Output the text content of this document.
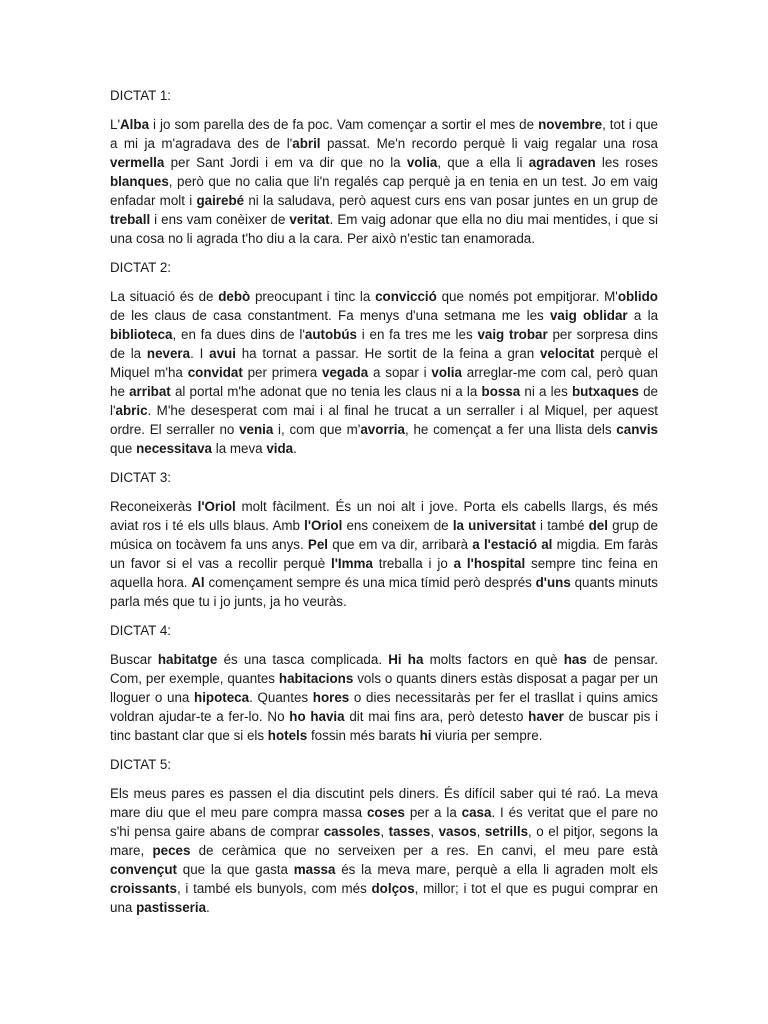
DICTAT 1:
L'Alba i jo som parella des de fa poc. Vam començar a sortir el mes de novembre, tot i que a mi ja m'agradava des de l'abril passat. Me'n recordo perquè li vaig regalar una rosa vermella per Sant Jordi i em va dir que no la volia, que a ella li agradaven les roses blanques, però que no calia que li'n regalés cap perquè ja en tenia en un test. Jo em vaig enfadar molt i gairebé ni la saludava, però aquest curs ens van posar juntes en un grup de treball i ens vam conèixer de veritat. Em vaig adonar que ella no diu mai mentides, i que si una cosa no li agrada t'ho diu a la cara. Per això n'estic tan enamorada.
DICTAT 2:
La situació és de debò preocupant i tinc la convicció que només pot empitjorar. M'oblido de les claus de casa constantment. Fa menys d'una setmana me les vaig oblidar a la biblioteca, en fa dues dins de l'autobús i en fa tres me les vaig trobar per sorpresa dins de la nevera. I avui ha tornat a passar. He sortit de la feina a gran velocitat perquè el Miquel m'ha convidat per primera vegada a sopar i volia arreglar-me com cal, però quan he arribat al portal m'he adonat que no tenia les claus ni a la bossa ni a les butxaques de l'abric. M'he desesperat com mai i al final he trucat a un serraller i al Miquel, per aquest ordre. El serraller no venia i, com que m'avorria, he començat a fer una llista dels canvis que necessitava la meva vida.
DICTAT 3:
Reconeixeràs l'Oriol molt fàcilment. És un noi alt i jove. Porta els cabells llargs, és més aviat ros i té els ulls blaus. Amb l'Oriol ens coneixem de la universitat i també del grup de música on tocàvem fa uns anys. Pel que em va dir, arribarà a l'estació al migdia. Em faràs un favor si el vas a recollir perquè l'Imma treballa i jo a l'hospital sempre tinc feina en aquella hora. Al començament sempre és una mica tímid però després d'uns quants minuts parla més que tu i jo junts, ja ho veuràs.
DICTAT 4:
Buscar habitatge és una tasca complicada. Hi ha molts factors en què has de pensar. Com, per exemple, quantes habitacions vols o quants diners estàs disposat a pagar per un lloguer o una hipoteca. Quantes hores o dies necessitaràs per fer el trasllat i quins amics voldran ajudar-te a fer-lo. No ho havia dit mai fins ara, però detesto haver de buscar pis i tinc bastant clar que si els hotels fossin més barats hi viuria per sempre.
DICTAT 5:
Els meus pares es passen el dia discutint pels diners. És difícil saber qui té raó. La meva mare diu que el meu pare compra massa coses per a la casa. I és veritat que el pare no s'hi pensa gaire abans de comprar cassoles, tasses, vasos, setrills, o el pitjor, segons la mare, peces de ceràmica que no serveixen per a res. En canvi, el meu pare està convençut que la que gasta massa és la meva mare, perquè a ella li agraden molt els croissants, i també els bunyols, com més dolços, millor; i tot el que es pugui comprar en una pastisseria.
